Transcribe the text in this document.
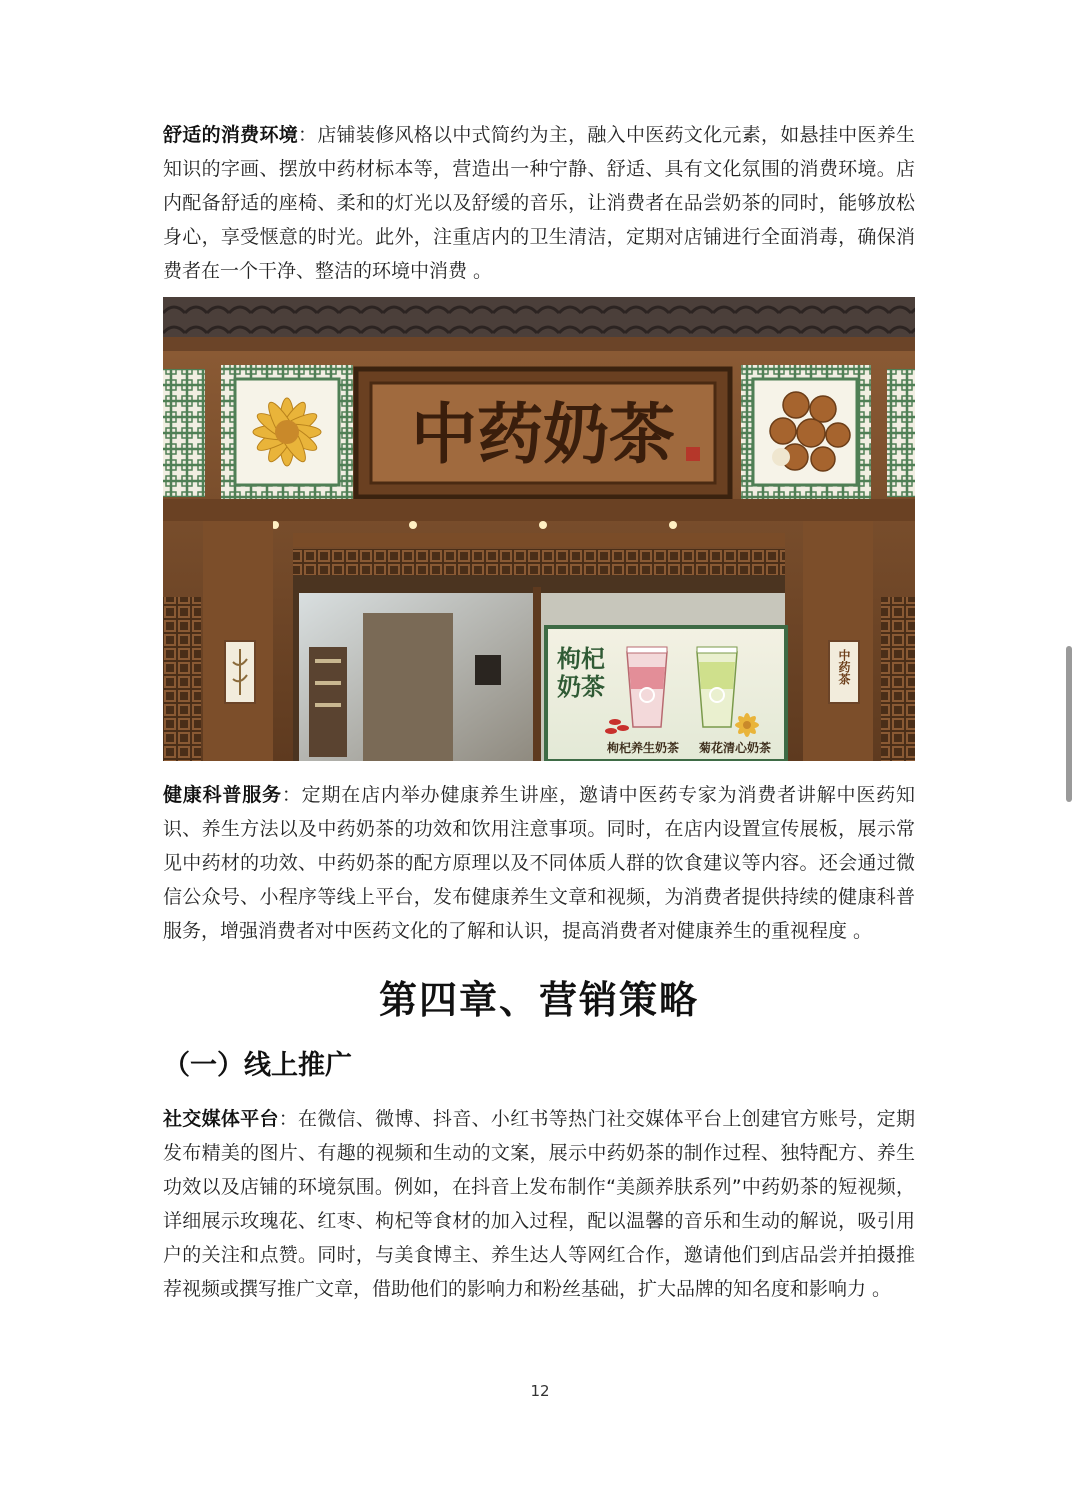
舒适的消费环境：店铺装修风格以中式简约为主，融入中医药文化元素，如悬挂中医养生知识的字画、摆放中药材标本等，营造出一种宁静、舒适、具有文化氛围的消费环境。店内配备舒适的座椅、柔和的灯光以及舒缓的音乐，让消费者在品尝奶茶的同时，能够放松身心，享受惬意的时光。此外，注重店内的卫生清洁，定期对店铺进行全面消毒，确保消费者在一个干净、整洁的环境中消费 。

中药奶茶
中药茶
枸杞
奶茶
枸杞养生奶茶 菊花清心奶茶

健康科普服务：定期在店内举办健康养生讲座，邀请中医药专家为消费者讲解中医药知识、养生方法以及中药奶茶的功效和饮用注意事项。同时，在店内设置宣传展板，展示常见中药材的功效、中药奶茶的配方原理以及不同体质人群的饮食建议等内容。还会通过微信公众号、小程序等线上平台，发布健康养生文章和视频，为消费者提供持续的健康科普服务，增强消费者对中医药文化的了解和认识，提高消费者对健康养生的重视程度 。

第四章、营销策略
（一）线上推广

社交媒体平台：在微信、微博、抖音、小红书等热门社交媒体平台上创建官方账号，定期发布精美的图片、有趣的视频和生动的文案，展示中药奶茶的制作过程、独特配方、养生功效以及店铺的环境氛围。例如，在抖音上发布制作“美颜养肤系列”中药奶茶的短视频，详细展示玫瑰花、红枣、枸杞等食材的加入过程，配以温馨的音乐和生动的解说，吸引用户的关注和点赞。同时，与美食博主、养生达人等网红合作，邀请他们到店品尝并拍摄推荐视频或撰写推广文章，借助他们的影响力和粉丝基础，扩大品牌的知名度和影响力 。

12
